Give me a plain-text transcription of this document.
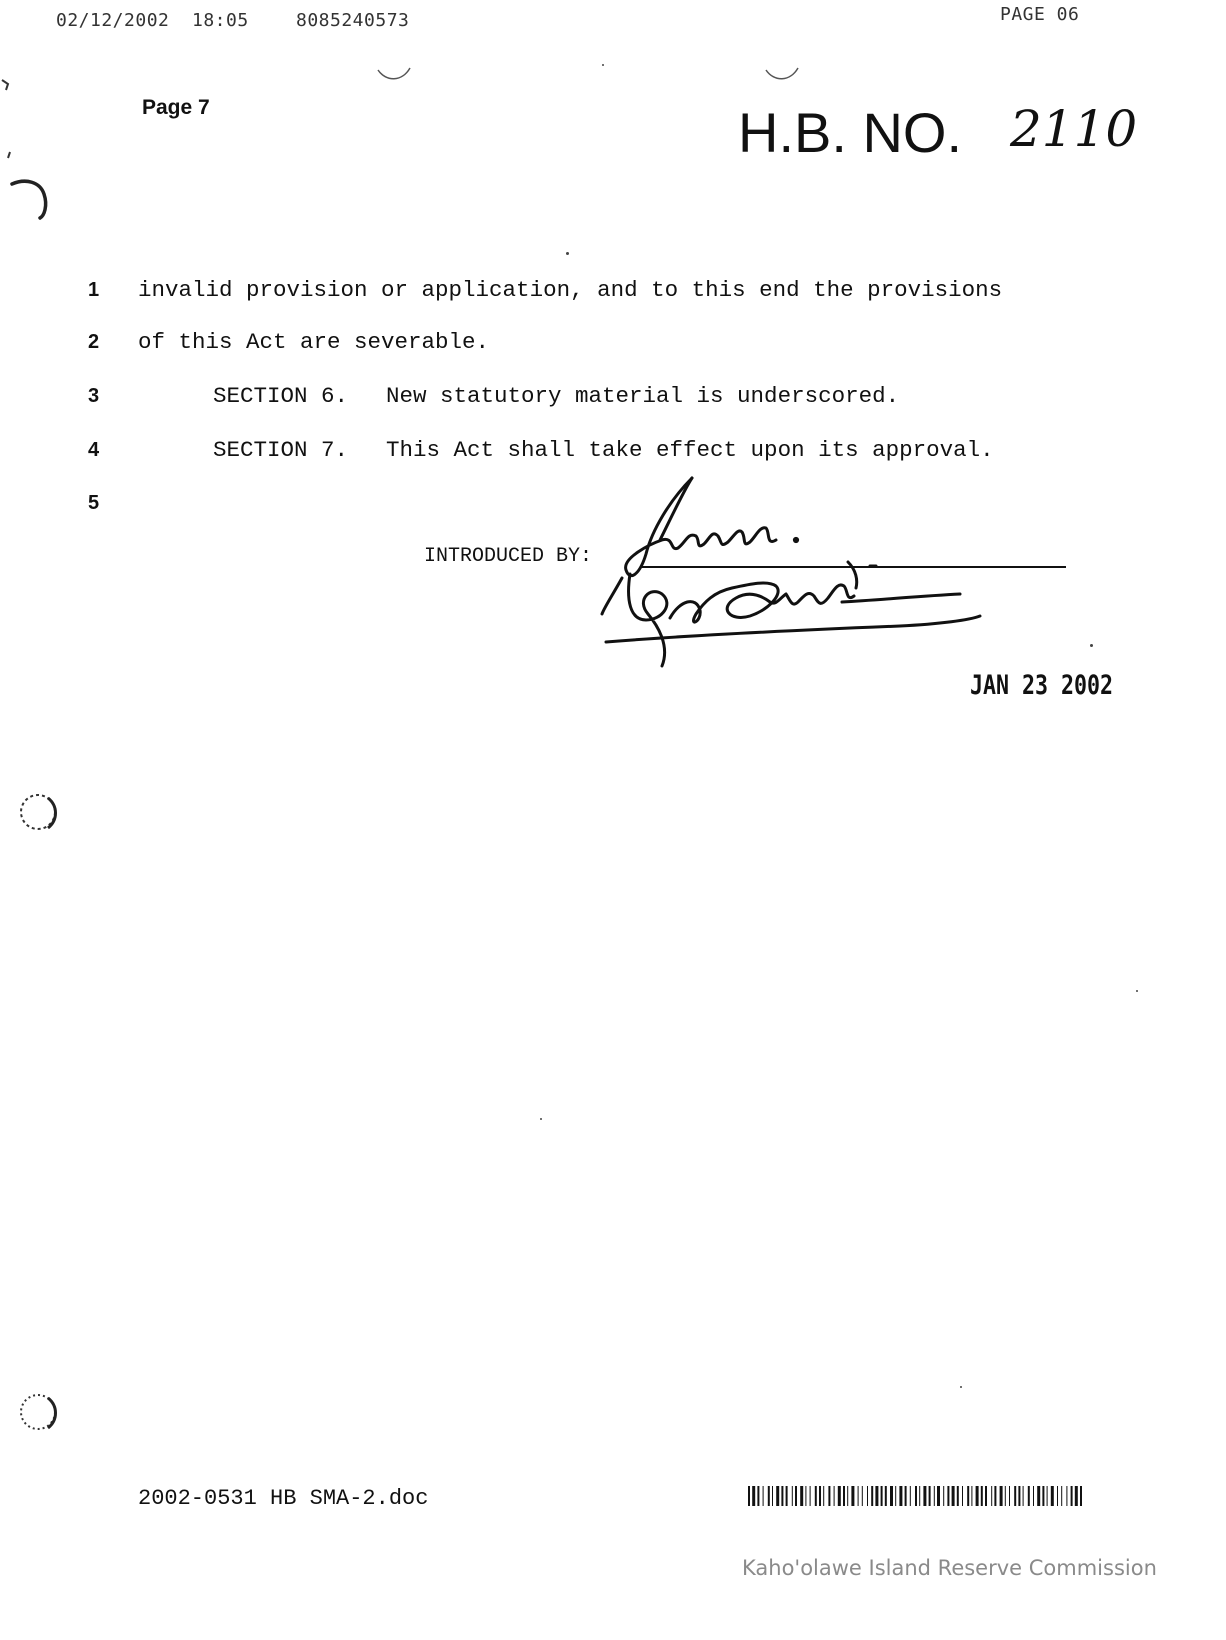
02/12/2002 18:05	8085240573	PAGE 06
Page 7	H.B. NO. 2110
1	invalid provision or application, and to this end the provisions
2	of this Act are severable.
3	SECTION 6. New statutory material is underscored.
4	SECTION 7. This Act shall take effect upon its approval.
5
INTRODUCED BY:
JAN 23 2002
2002-0531 HB SMA-2.doc
Kaho'olawe Island Reserve Commission
